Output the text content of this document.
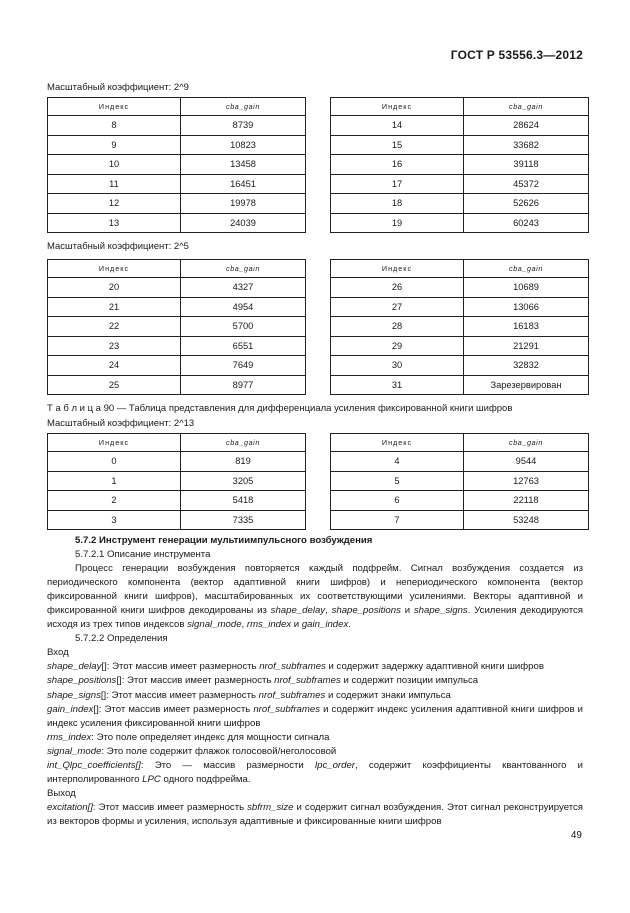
ГОСТ Р 53556.3—2012
Масштабный коэффициент: 2^9
Индекс	cba_gain
8	8739
9	10823
10	13458
11	16451
12	19978
13	24039
Индекс	cba_gain
14	28624
15	33682
16	39118
17	45372
18	52626
19	60243
Масштабный коэффициент: 2^5
Индекс	cba_gain
20	4327
21	4954
22	5700
23	6551
24	7649
25	8977
Индекс	cba_gain
26	10689
27	13066
28	16183
29	21291
30	32832
31	Зарезервирован
Т а б л и ц а 90 — Таблица представления для дифференциала усиления фиксированной книги шифров
Масштабный коэффициент: 2^13
Индекс	cba_gain
0	819
1	3205
2	5418
3	7335
Индекс	cba_gain
4	9544
5	12763
6	22118
7	53248

5.7.2 Инструмент генерации мультиимпульсного возбуждения

5.7.2.1 Описание инструмента

Процесс генерации возбуждения повторяется каждый подфрейм. Сигнал возбуждения создается из периодического компонента (вектор адаптивной книги шифров) и непериодического компонента (вектор фиксированной книги шифров), масштабированных их соответствующими усилениями. Векторы адаптивной и фиксированной книги шифров декодированы из shape_delay, shape_positions и shape_signs. Усиления декодируются исходя из трех типов индексов signal_mode, rms_index и gain_index.

5.7.2.2 Определения

Вход

shape_delay[]: Этот массив имеет размерность nrof_subframes и содержит задержку адаптивной книги шифров

shape_positions[]: Этот массив имеет размерность nrof_subframes и содержит позиции импульса

shape_signs[]: Этот массив имеет размерность nrof_subframes и содержит знаки импульса

gain_index[]: Этот массив имеет размерность nrof_subframes и содержит индекс усиления адаптивной книги шифров и индекс усиления фиксированной книги шифров

rms_index: Это поле определяет индекс для мощности сигнала

signal_mode: Это поле содержит флажок голосовой/неголосовой

int_Qlpc_coefficients[]: Это — массив размерности lpc_order, содержит коэффициенты квантованного и интерполированного LPC одного подфрейма.

Выход

excitation[]: Этот массив имеет размерность sbfrm_size и содержит сигнал возбуждения. Этот сигнал реконструируется из векторов формы и усиления, используя адаптивные и фиксированные книги шифров

49
